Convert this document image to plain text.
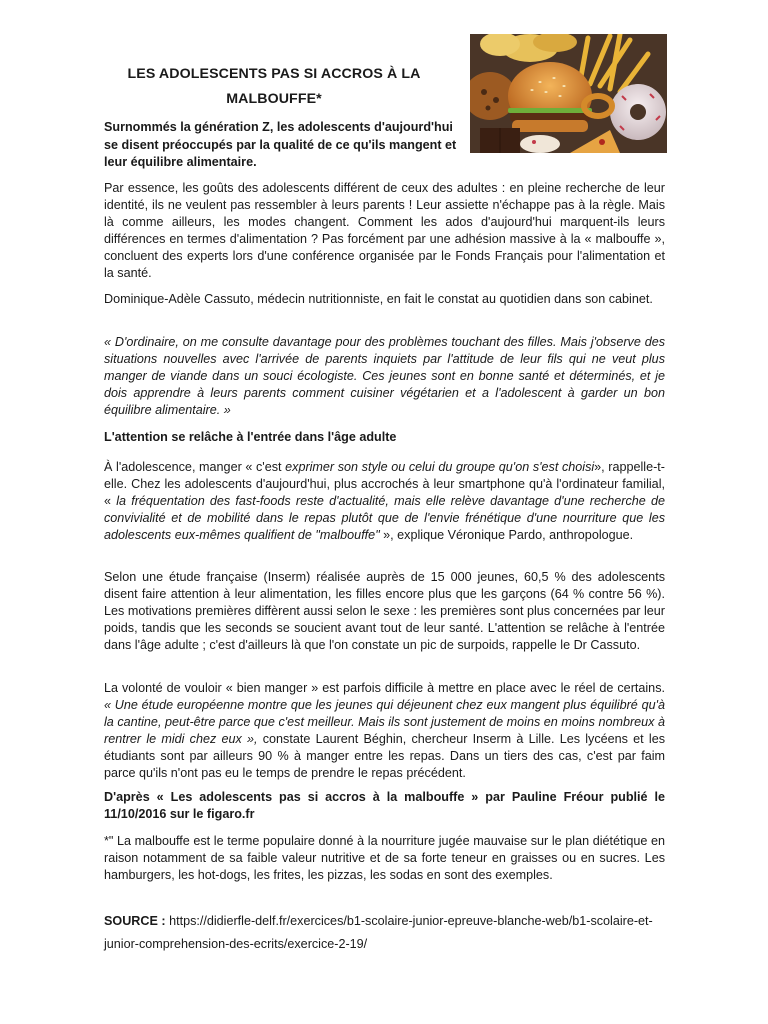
LES ADOLESCENTS PAS SI ACCROS À LA MALBOUFFE*
Surnommés la génération Z, les adolescents d'aujourd'hui se disent préoccupés par la qualité de ce qu'ils mangent et leur équilibre alimentaire.

Par essence, les goûts des adolescents différent de ceux des adultes : en pleine recherche de leur identité, ils ne veulent pas ressembler à leurs parents ! Leur assiette n'échappe pas à la règle. Mais là comme ailleurs, les modes changent. Comment les ados d'aujourd'hui marquent-ils leurs différences en termes d'alimentation ? Pas forcément par une adhésion massive à la « malbouffe », concluent des experts lors d'une conférence organisée par le Fonds Français pour l'alimentation et la santé.

Dominique-Adèle Cassuto, médecin nutritionniste, en fait le constat au quotidien dans son cabinet.

« D'ordinaire, on me consulte davantage pour des problèmes touchant des filles. Mais j'observe des situations nouvelles avec l'arrivée de parents inquiets par l'attitude de leur fils qui ne veut plus manger de viande dans un souci écologiste. Ces jeunes sont en bonne santé et déterminés, et je dois apprendre à leurs parents comment cuisiner végétarien et a l'adolescent à garder un bon équilibre alimentaire. »

L'attention se relâche à l'entrée dans l'âge adulte

À l'adolescence, manger « c'est exprimer son style ou celui du groupe qu'on s'est choisi», rappelle-t-elle. Chez les adolescents d'aujourd'hui, plus accrochés à leur smartphone qu'à l'ordinateur familial, « la fréquentation des fast-foods reste d'actualité, mais elle relève davantage d'une recherche de convivialité et de mobilité dans le repas plutôt que de l'envie frénétique d'une nourriture que les adolescents eux-mêmes qualifient de "malbouffe" », explique Véronique Pardo, anthropologue.

Selon une étude française (Inserm) réalisée auprès de 15 000 jeunes, 60,5 % des adolescents disent faire attention à leur alimentation, les filles encore plus que les garçons (64 % contre 56 %). Les motivations premières diffèrent aussi selon le sexe : les premières sont plus concernées par leur poids, tandis que les seconds se soucient avant tout de leur santé. L'attention se relâche à l'entrée dans l'âge adulte ; c'est d'ailleurs là que l'on constate un pic de surpoids, rappelle le Dr Cassuto.

La volonté de vouloir « bien manger » est parfois difficile à mettre en place avec le réel de certains. « Une étude européenne montre que les jeunes qui déjeunent chez eux mangent plus équilibré qu'à la cantine, peut-être parce que c'est meilleur. Mais ils sont justement de moins en moins nombreux à rentrer le midi chez eux », constate Laurent Béghin, chercheur Inserm à Lille. Les lycéens et les étudiants sont par ailleurs 90 % à manger entre les repas. Dans un tiers des cas, c'est par faim parce qu'ils n'ont pas eu le temps de prendre le repas précédent.

D'après « Les adolescents pas si accros à la malbouffe » par Pauline Fréour publié le 11/10/2016 sur le figaro.fr
*" La malbouffe est le terme populaire donné à la nourriture jugée mauvaise sur le plan diététique en raison notamment de sa faible valeur nutritive et de sa forte teneur en graisses ou en sucres. Les hamburgers, les hot-dogs, les frites, les pizzas, les sodas en sont des exemples.
SOURCE : https://didierfle-delf.fr/exercices/b1-scolaire-junior-epreuve-blanche-web/b1-scolaire-et-junior-comprehension-des-ecrits/exercice-2-19/
